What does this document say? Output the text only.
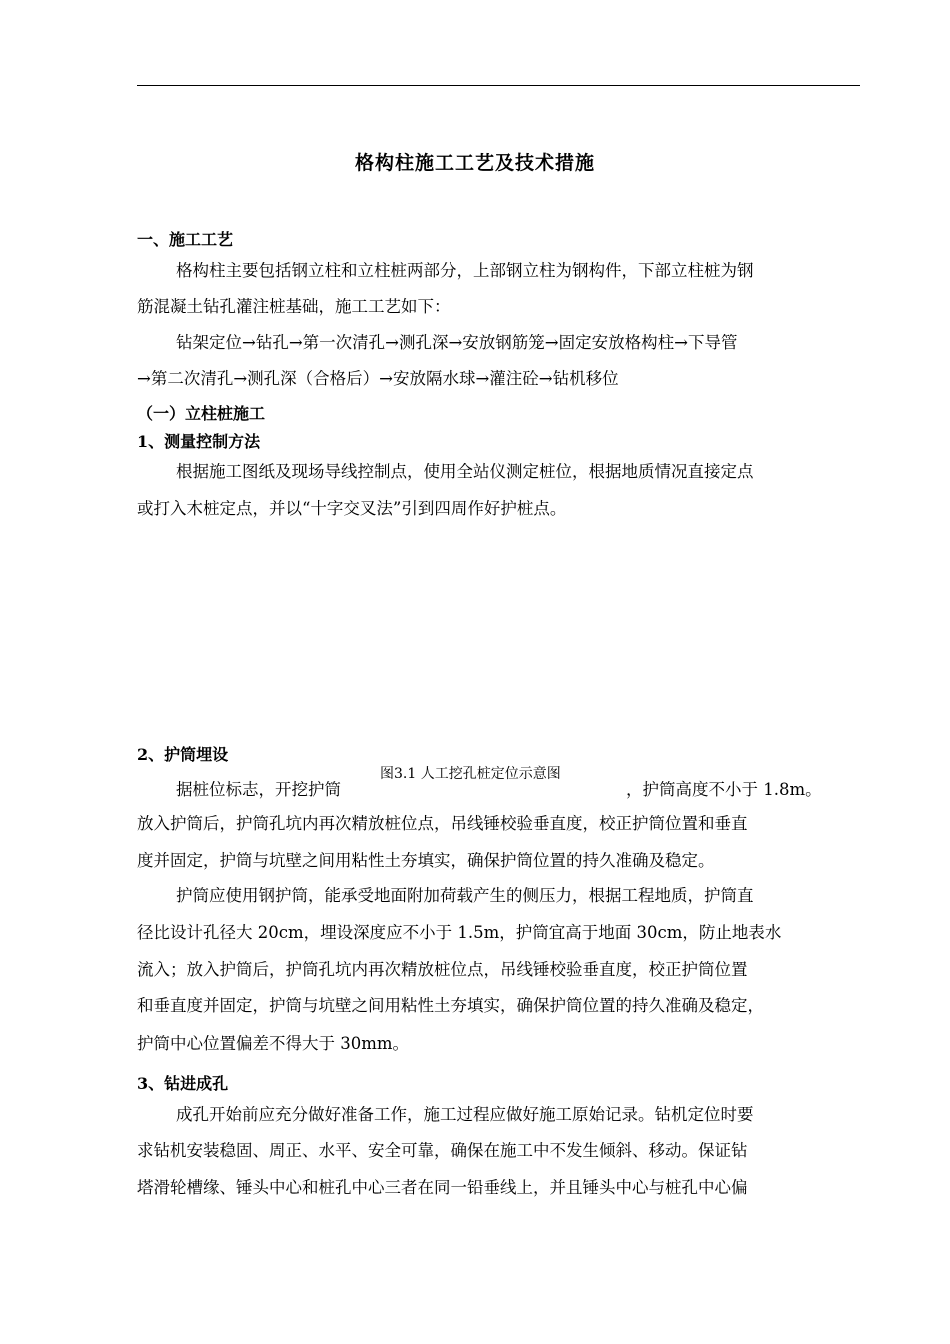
格构柱施工工艺及技术措施
一、施工工艺
格构柱主要包括钢立柱和立柱桩两部分，上部钢立柱为钢构件，下部立柱桩为钢
筋混凝土钻孔灌注桩基础，施工工艺如下：
钻架定位→钻孔→第一次清孔→测孔深→安放钢筋笼→固定安放格构柱→下导管
→第二次清孔→测孔深（合格后）→安放隔水球→灌注砼→钻机移位
（一）立柱桩施工
1、测量控制方法
根据施工图纸及现场导线控制点，使用全站仪测定桩位，根据地质情况直接定点
或打入木桩定点，并以“十字交叉法”引到四周作好护桩点。
2、护筒埋设
图3.1 人工挖孔桩定位示意图
据桩位标志，开挖护筒	，护筒高度不小于 1.8m。
放入护筒后，护筒孔坑内再次精放桩位点，吊线锤校验垂直度，校正护筒位置和垂直
度并固定，护筒与坑壁之间用粘性土夯填实，确保护筒位置的持久准确及稳定。
护筒应使用钢护筒，能承受地面附加荷载产生的侧压力，根据工程地质，护筒直
径比设计孔径大 20cm，埋设深度应不小于 1.5m，护筒宜高于地面 30cm，防止地表水
流入；放入护筒后，护筒孔坑内再次精放桩位点，吊线锤校验垂直度，校正护筒位置
和垂直度并固定，护筒与坑壁之间用粘性土夯填实，确保护筒位置的持久准确及稳定，
护筒中心位置偏差不得大于 30mm。
3、钻进成孔
成孔开始前应充分做好准备工作，施工过程应做好施工原始记录。钻机定位时要
求钻机安装稳固、周正、水平、安全可靠，确保在施工中不发生倾斜、移动。保证钻
塔滑轮槽缘、锤头中心和桩孔中心三者在同一铅垂线上，并且锤头中心与桩孔中心偏
